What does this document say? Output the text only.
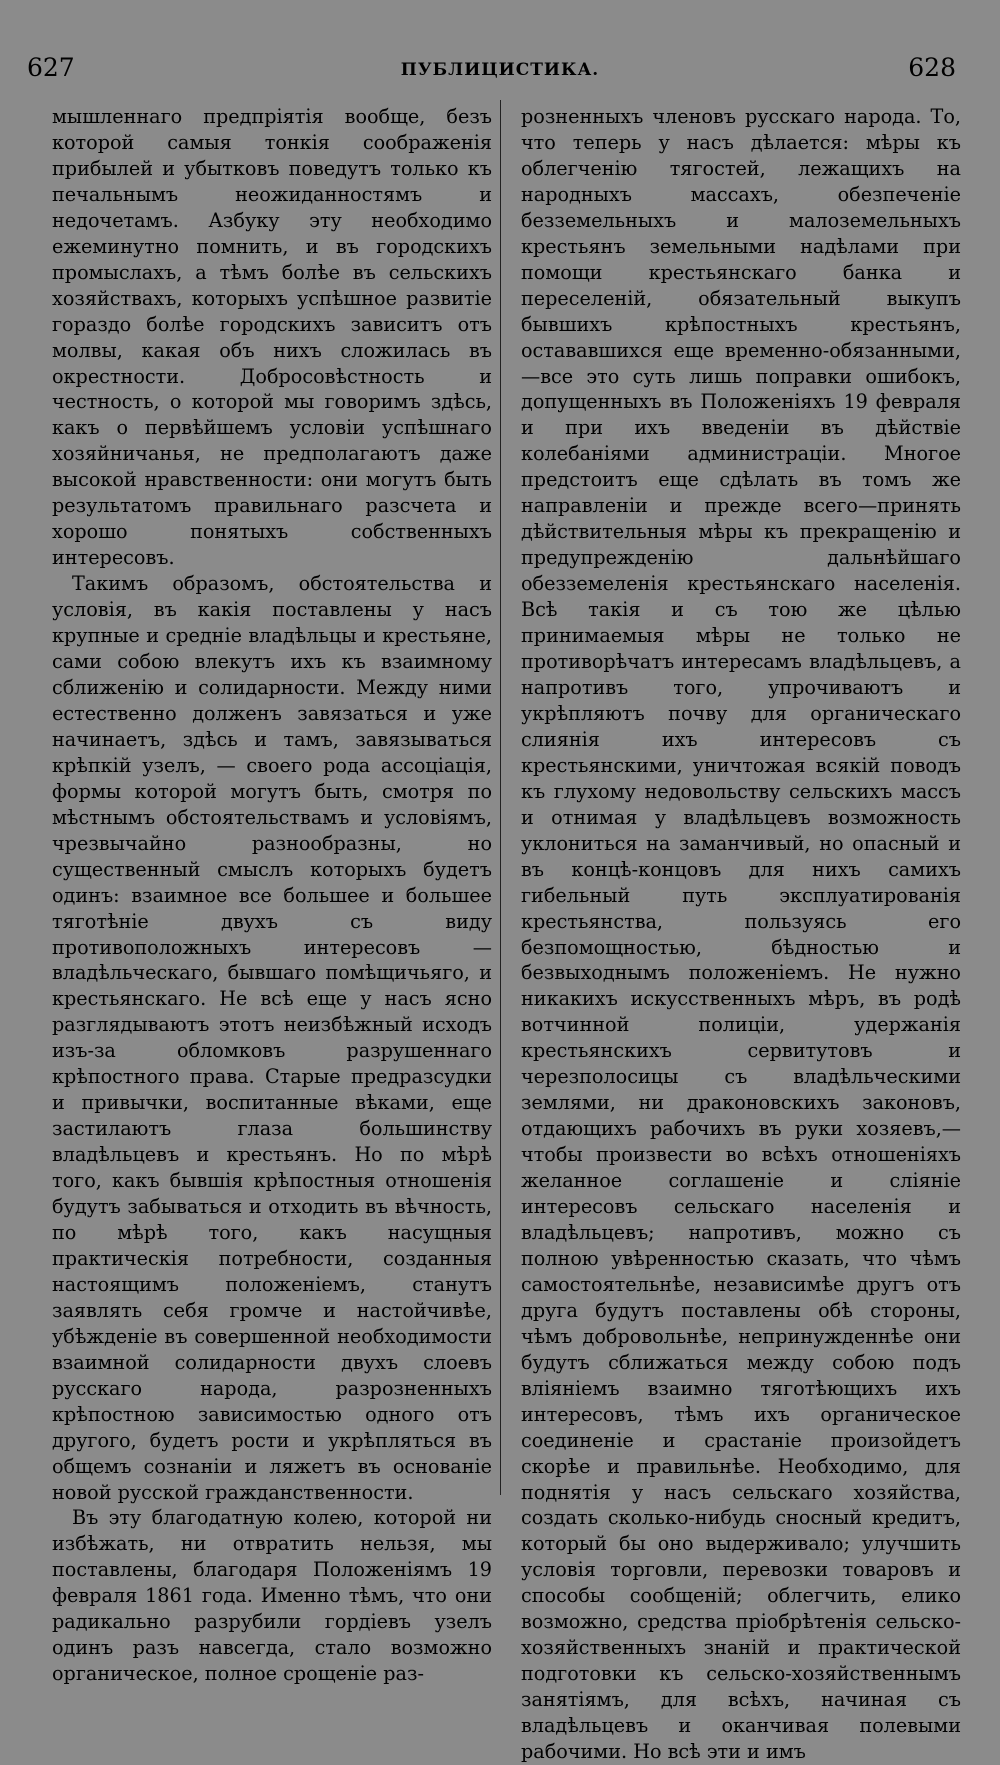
627	ПУБЛИЦИСТИКА.	628

мышленнаго предпріятія вообще, безъ которой самыя тонкія соображенія прибылей и убытковъ поведутъ только къ печальнымъ неожиданностямъ и недочетамъ. Азбуку эту необходимо ежеминутно помнить, и въ городскихъ промыслахъ, а тѣмъ болѣе въ сельскихъ хозяйствахъ, которыхъ успѣшное развитіе гораздо болѣе городскихъ зависитъ отъ молвы, какая объ нихъ сложилась въ окрестности. Добросовѣстность и честность, о которой мы говоримъ здѣсь, какъ о первѣйшемъ условіи успѣшнаго хозяйничанья, не предполагаютъ даже высокой нравственности: они могутъ быть результатомъ правильнаго разсчета и хорошо понятыхъ собственныхъ интересовъ.

Такимъ образомъ, обстоятельства и условія, въ какія поставлены у насъ крупные и средніе владѣльцы и крестьяне, сами собою влекутъ ихъ къ взаимному сближенію и солидарности. Между ними естественно долженъ завязаться и уже начинаетъ, здѣсь и тамъ, завязываться крѣпкій узелъ, — своего рода ассоціація, формы которой могутъ быть, смотря по мѣстнымъ обстоятельствамъ и условіямъ, чрезвычайно разнообразны, но существенный смыслъ которыхъ будетъ одинъ: взаимное все большее и большее тяготѣніе двухъ съ виду противоположныхъ интересовъ —владѣльческаго, бывшаго помѣщичьяго, и крестьянскаго. Не всѣ еще у насъ ясно разглядываютъ этотъ неизбѣжный исходъ изъ-за обломковъ разрушеннаго крѣпостного права. Старые предразсудки и привычки, воспитанные вѣками, еще застилаютъ глаза большинству владѣльцевъ и крестьянъ. Но по мѣрѣ того, какъ бывшія крѣпостныя отношенія будутъ забываться и отходить въ вѣчность, по мѣрѣ того, какъ насущныя практическія потребности, созданныя настоящимъ положеніемъ, станутъ заявлять себя громче и настойчивѣе, убѣжденіе въ совершенной необходимости взаимной солидарности двухъ слоевъ русскаго народа, разрозненныхъ крѣпостною зависимостью одного отъ другого, будетъ рости и укрѣпляться въ общемъ сознаніи и ляжетъ въ основаніе новой русской гражданственности.

Въ эту благодатную колею, которой ни избѣжать, ни отвратить нельзя, мы поставлены, благодаря Положеніямъ 19 февраля 1861 года. Именно тѣмъ, что они радикально разрубили гордіевъ узелъ одинъ разъ навсегда, стало возможно органическое, полное срощеніе раз-

розненныхъ членовъ русскаго народа. То, что теперь у насъ дѣлается: мѣры къ облегченію тягостей, лежащихъ на народныхъ массахъ, обезпеченіе безземельныхъ и малоземельныхъ крестьянъ земельными надѣлами при помощи крестьянскаго банка и переселеній, обязательный выкупъ бывшихъ крѣпостныхъ крестьянъ, остававшихся еще временно-обязанными,—все это суть лишь поправки ошибокъ, допущенныхъ въ Положеніяхъ 19 февраля и при ихъ введеніи въ дѣйствіе колебаніями администраціи. Многое предстоитъ еще сдѣлать въ томъ же направленіи и прежде всего—принять дѣйствительныя мѣры къ прекращенію и предупрежденію дальнѣйшаго обезземеленія крестьянскаго населенія. Всѣ такія и съ тою же цѣлью принимаемыя мѣры не только не противорѣчатъ интересамъ владѣльцевъ, а напротивъ того, упрочиваютъ и укрѣпляютъ почву для органическаго слиянія ихъ интересовъ съ крестьянскими, уничтожая всякій поводъ къ глухому недовольству сельскихъ массъ и отнимая у владѣльцевъ возможность уклониться на заманчивый, но опасный и въ концѣ-концовъ для нихъ самихъ гибельный путь эксплуатированія крестьянства, пользуясь его безпомощностью, бѣдностью и безвыходнымъ положеніемъ. Не нужно никакихъ искусственныхъ мѣръ, въ родѣ вотчинной полиціи, удержанія крестьянскихъ сервитутовъ и черезполосицы съ владѣльческими землями, ни драконовскихъ законовъ, отдающихъ рабочихъ въ руки хозяевъ,—чтобы произвести во всѣхъ отношеніяхъ желанное соглашеніе и сліяніе интересовъ сельскаго населенія и владѣльцевъ; напротивъ, можно съ полною увѣренностью сказать, что чѣмъ самостоятельнѣе, независимѣе другъ отъ друга будутъ поставлены обѣ стороны, чѣмъ добровольнѣе, непринужденнѣе они будутъ сближаться между собою подъ вліяніемъ взаимно тяготѣющихъ ихъ интересовъ, тѣмъ ихъ органическое соединеніе и срастаніе произойдетъ скорѣе и правильнѣе. Необходимо, для поднятія у насъ сельскаго хозяйства, создать сколько-нибудь сносный кредитъ, который бы оно выдерживало; улучшить условія торговли, перевозки товаровъ и способы сообщеній; облегчить, елико возможно, средства пріобрѣтенія сельско-хозяйственныхъ знаній и практической подготовки къ сельско-хозяйственнымъ занятіямъ, для всѣхъ, начиная съ владѣльцевъ и оканчивая полевыми рабочими. Но всѣ эти и имъ
